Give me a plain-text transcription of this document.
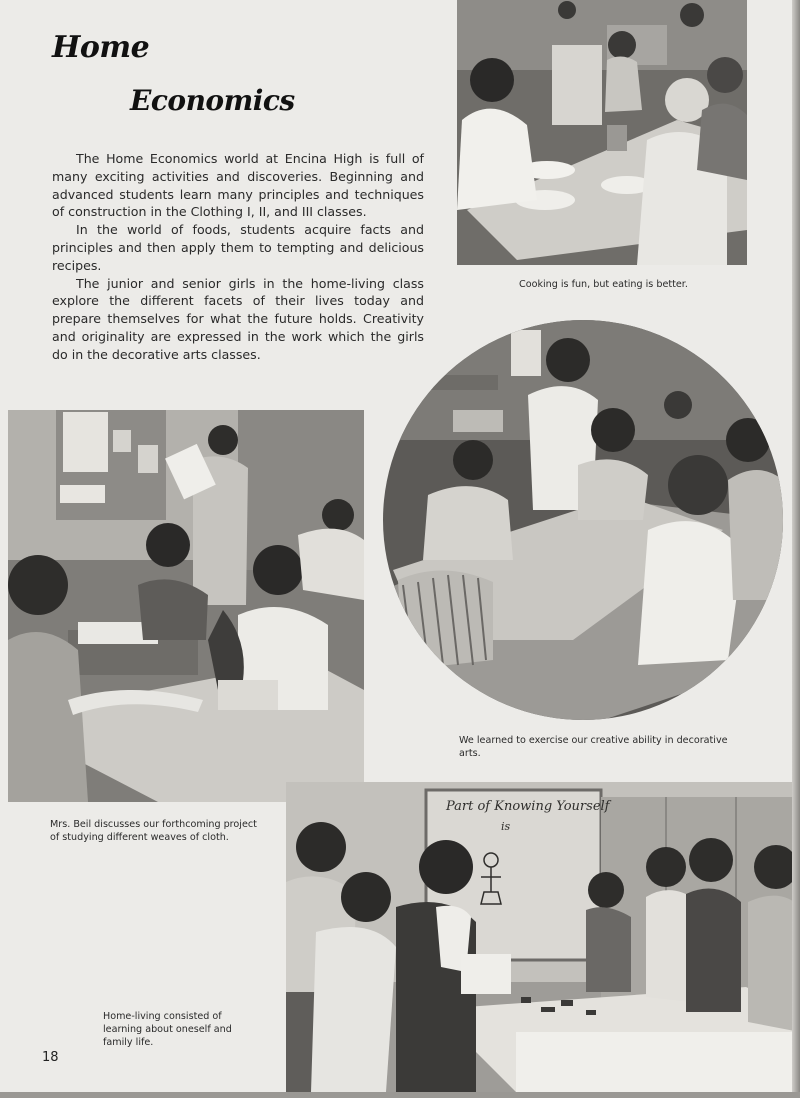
Home
Economics

The Home Economics world at Encina High is full of many exciting activities and discoveries. Beginning and advanced students learn many principles and techniques of construction in the Clothing I, II, and III classes.

In the world of foods, students acquire facts and principles and then apply them to tempting and delicious recipes.

The junior and senior girls in the home-living class explore the different facets of their lives today and prepare themselves for what the future holds. Creativity and originality are expressed in the work which the girls do in the decorative arts classes.

Cooking is fun, but eating is better.
We learned to exercise our creative ability in decorative arts.
Mrs. Beil discusses our forthcoming project of studying different weaves of cloth.
Part of Knowing Yourself
is
Home-living consisted of learning about oneself and family life.
18
